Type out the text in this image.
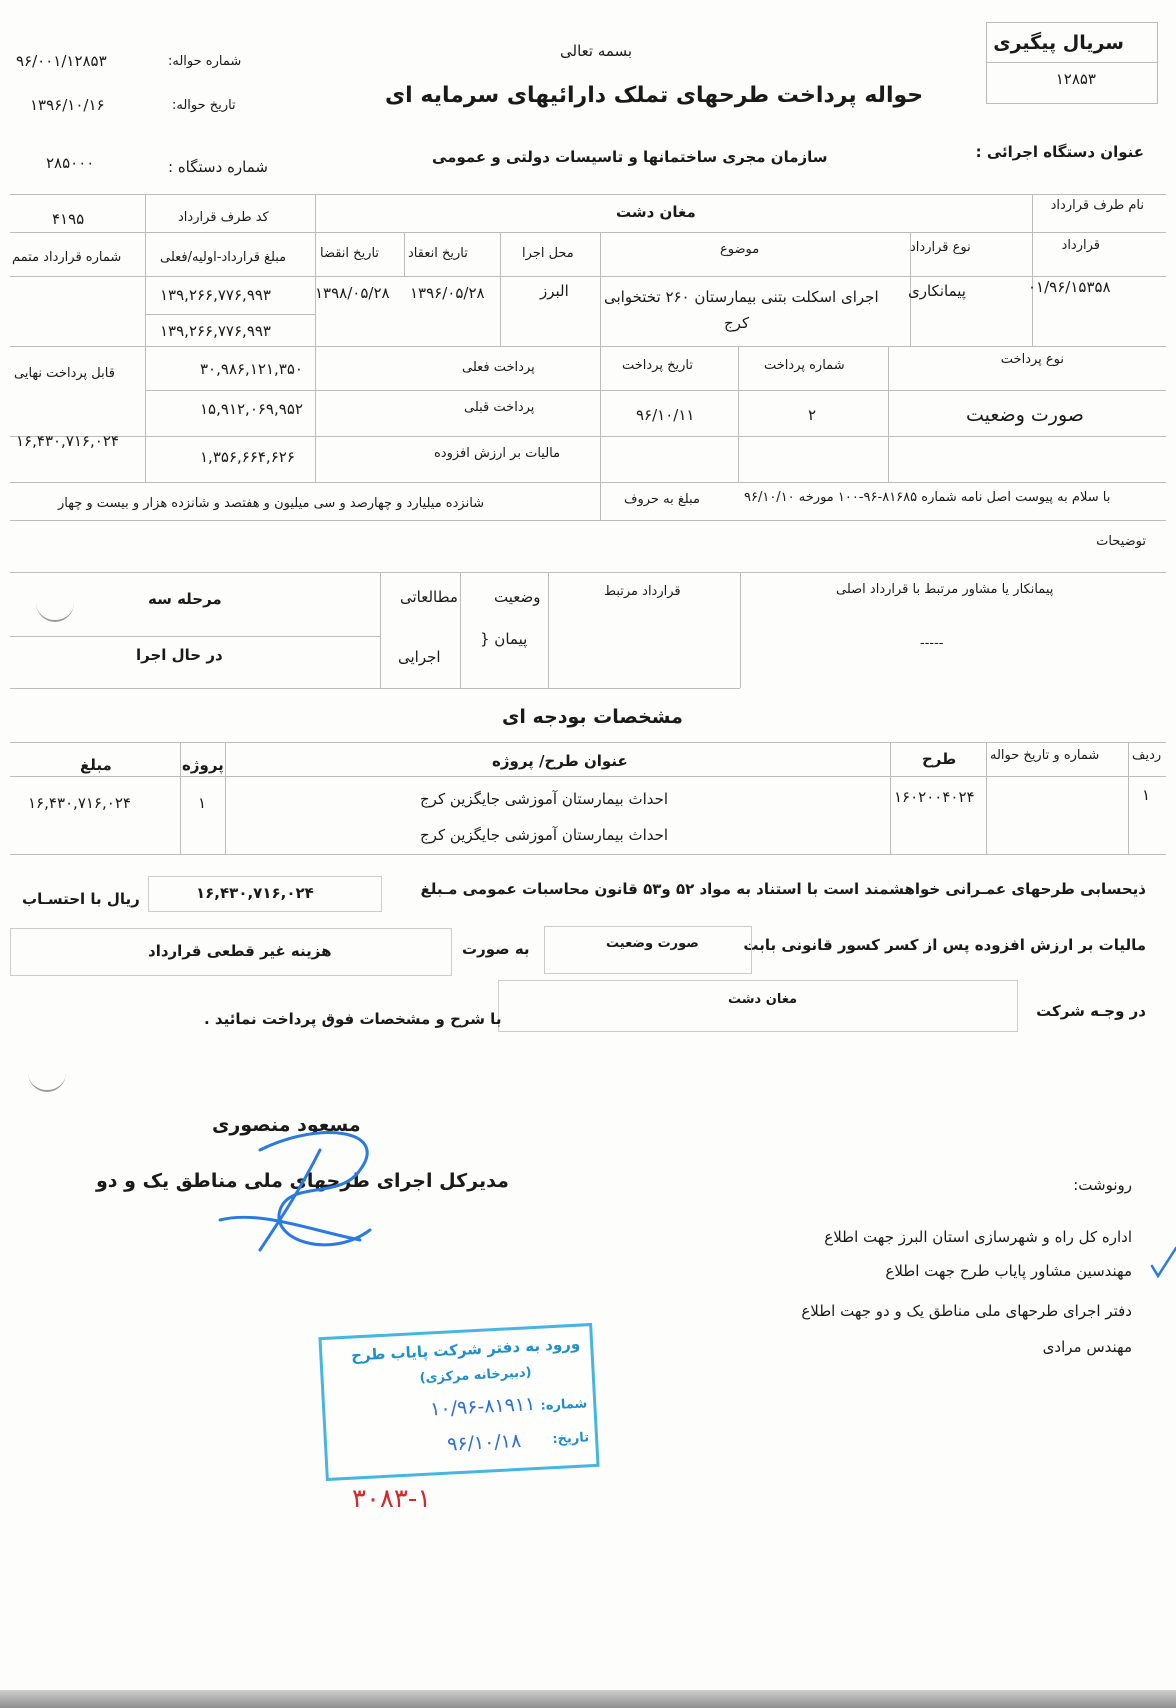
سریال پیگیری
۱۲۸۵۳
بسمه تعالی
حواله پرداخت طرحهای تملک دارائیهای سرمایه ای
شماره حواله:
۹۶/۰۰۱/۱۲۸۵۳
تاریخ حواله:
۱۳۹۶/۱۰/۱۶
عنوان دستگاه اجرائی :
سازمان مجری ساختمانها و تاسیسات دولتی و عمومی
شماره دستگاه :
۲۸۵۰۰۰
نام طرف قرارداد
مغان دشت
کد طرف قرارداد
۴۱۹۵
قرارداد
نوع قرارداد
موضوع
محل اجرا
تاریخ انعقاد
تاریخ انقضا
مبلغ قرارداد-اولیه/فعلی
شماره قرارداد متمم
۰۱/۹۶/۱۵۳۵۸
پیمانکاری
اجرای اسکلت بتنی بیمارستان ۲۶۰ تختخوابی
کرج
البرز
۱۳۹۶/۰۵/۲۸
۱۳۹۸/۰۵/۲۸
۱۳۹,۲۶۶,۷۷۶,۹۹۳
۱۳۹,۲۶۶,۷۷۶,۹۹۳
نوع پرداخت
صورت وضعیت
شماره پرداخت
۲
تاریخ پرداخت
۹۶/۱۰/۱۱
پرداخت فعلی
۳۰,۹۸۶,۱۲۱,۳۵۰
پرداخت قبلی
۱۵,۹۱۲,۰۶۹,۹۵۲
مالیات بر ارزش افزوده
۱,۳۵۶,۶۶۴,۶۲۶
قابل پرداخت نهایی
۱۶,۴۳۰,۷۱۶,۰۲۴
با سلام به پیوست اصل نامه شماره ۸۱۶۸۵-۹۶-۱۰۰ مورخه ۹۶/۱۰/۱۰
مبلغ به حروف
شانزده میلیارد و چهارصد و سی میلیون و هفتصد و شانزده هزار و بیست و چهار
توضیحات
پیمانکار یا مشاور مرتبط با قرارداد اصلی
-----
قرارداد مرتبط
وضعیت
پیمان {
مطالعاتی
اجرایی
مرحله سه
در حال اجرا
مشخصات بودجه ای
ردیف
شماره و تاریخ حواله
طرح
عنوان طرح/ پروژه
پروژه
مبلغ
۱
۱۶۰۲۰۰۴۰۲۴
احداث بیمارستان آموزشی جایگزین کرج
احداث بیمارستان آموزشی جایگزین کرج
۱
۱۶,۴۳۰,۷۱۶,۰۲۴
ذیحسابی طرحهای عمـرانی خواهشمند است با استناد به مواد ۵۲ و۵۳ قانون محاسبات عمومی مـبلغ
۱۶,۴۳۰,۷۱۶,۰۲۴
ریال با احتسـاب
مالیات بر ارزش افزوده پس از کسر کسور قانونی بابت
صورت وضعیت
به صورت
هزینه غیر قطعی قرارداد
در وجـه شرکت
مغان دشت
با شرح و مشخصات فوق پرداخت نمائید .
مسعود منصوری
مدیرکل اجرای طرحهای ملی مناطق یک و دو	رونوشت:
اداره کل راه و شهرسازی استان البرز جهت اطلاع
مهندسین مشاور پایاب طرح جهت اطلاع
دفتر اجرای طرحهای ملی مناطق یک و دو جهت اطلاع
مهندس مرادی
ورود به دفتر شرکت پایاب طرح
(دبیرخانه مرکزی)
شماره:
۱۰/۹۶-۸۱۹۱۱
تاریخ:
۹۶/۱۰/۱۸
۳۰۸۳-۱
